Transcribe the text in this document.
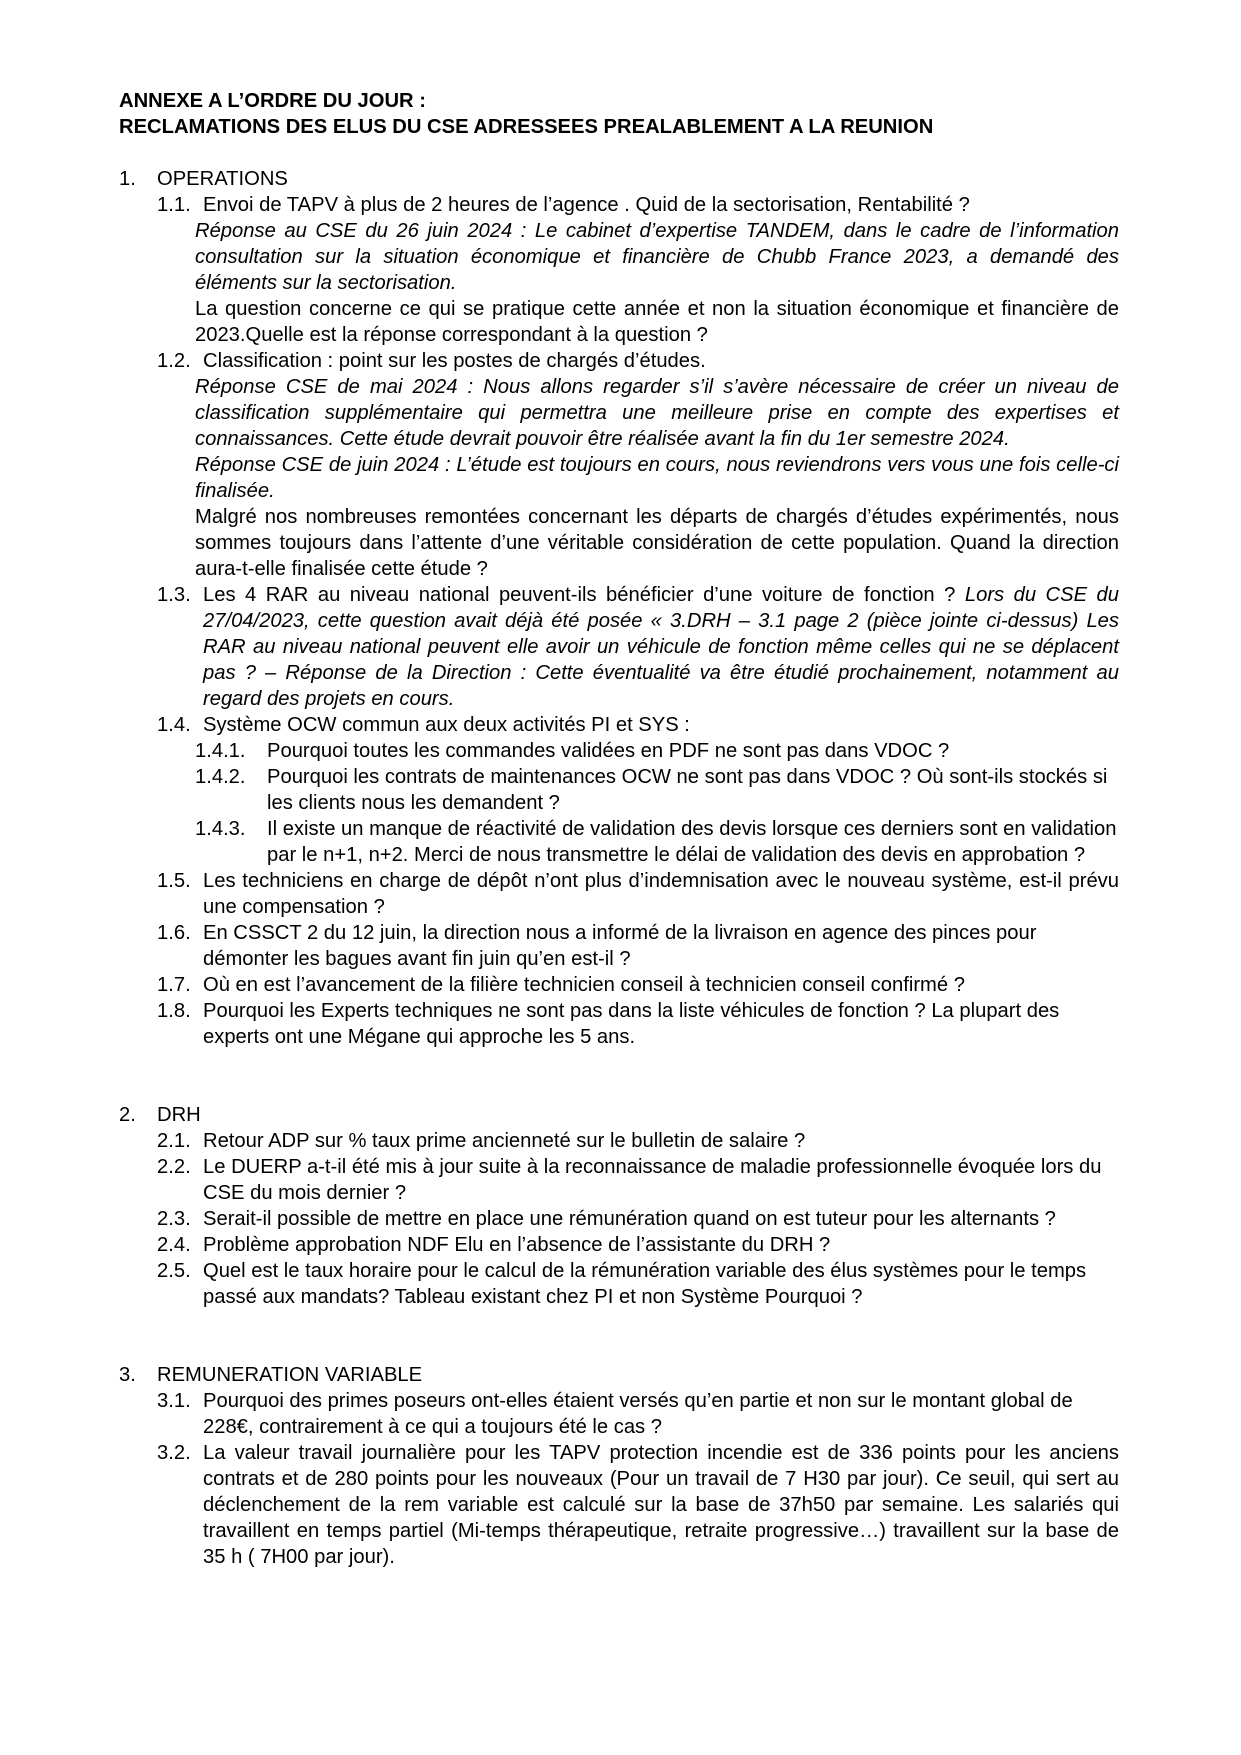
ANNEXE A L’ORDRE DU JOUR :
RECLAMATIONS DES ELUS DU CSE ADRESSEES PREALABLEMENT A LA REUNION
1. OPERATIONS
1.1. Envoi de TAPV à plus de 2 heures de l’agence . Quid de la sectorisation, Rentabilité ?
Réponse au CSE du 26 juin 2024 : Le cabinet d’expertise TANDEM, dans le cadre de l’information consultation sur la situation économique et financière de Chubb France 2023, a demandé des éléments sur la sectorisation.
La question concerne ce qui se pratique cette année et non la situation économique et financière de 2023.Quelle est la réponse correspondant à la question ?
1.2. Classification : point sur les postes de chargés d’études.
Réponse CSE de mai 2024 : Nous allons regarder s’il s’avère nécessaire de créer un niveau de classification supplémentaire qui permettra une meilleure prise en compte des expertises et connaissances. Cette étude devrait pouvoir être réalisée avant la fin du 1er semestre 2024.
Réponse CSE de juin 2024 : L’étude est toujours en cours, nous reviendrons vers vous une fois celle-ci finalisée.
Malgré nos nombreuses remontées concernant les départs de chargés d’études expérimentés, nous sommes toujours dans l’attente d’une véritable considération de cette population. Quand la direction aura-t-elle finalisée cette étude ?
1.3. Les 4 RAR au niveau national peuvent-ils bénéficier d’une voiture de fonction ? Lors du CSE du 27/04/2023, cette question avait déjà été posée « 3.DRH – 3.1 page 2 (pièce jointe ci-dessus) Les RAR au niveau national peuvent elle avoir un véhicule de fonction même celles qui ne se déplacent pas ? – Réponse de la Direction : Cette éventualité va être étudié prochainement, notamment au regard des projets en cours.
1.4. Système OCW commun aux deux activités PI et SYS :
1.4.1. Pourquoi toutes les commandes validées en PDF ne sont pas dans VDOC ?
1.4.2. Pourquoi les contrats de maintenances OCW ne sont pas dans VDOC ? Où sont-ils stockés si les clients nous les demandent ?
1.4.3. Il existe un manque de réactivité de validation des devis lorsque ces derniers sont en validation par le n+1, n+2. Merci de nous transmettre le délai de validation des devis en approbation ?
1.5. Les techniciens en charge de dépôt n’ont plus d’indemnisation avec le nouveau système, est-il prévu une compensation ?
1.6. En CSSCT 2 du 12 juin, la direction nous a informé de la livraison en agence des pinces pour démonter les bagues avant fin juin qu’en est-il ?
1.7. Où en est l’avancement de la filière technicien conseil à technicien conseil confirmé ?
1.8. Pourquoi les Experts techniques ne sont pas dans la liste véhicules de fonction ? La plupart des experts ont une Mégane qui approche les 5 ans.
2. DRH
2.1. Retour ADP sur % taux prime ancienneté sur le bulletin de salaire ?
2.2. Le DUERP a-t-il été mis à jour suite à la reconnaissance de maladie professionnelle évoquée lors du CSE du mois dernier ?
2.3. Serait-il possible de mettre en place une rémunération quand on est tuteur pour les alternants ?
2.4. Problème approbation NDF Elu en l’absence de l’assistante du DRH ?
2.5. Quel est le taux horaire pour le calcul de la rémunération variable des élus systèmes pour le temps passé aux mandats? Tableau existant chez PI et non Système Pourquoi ?
3. REMUNERATION VARIABLE
3.1. Pourquoi des primes poseurs ont-elles étaient versés qu’en partie et non sur le montant global de 228€, contrairement à ce qui a toujours été le cas ?
3.2. La valeur travail journalière pour les TAPV protection incendie est de 336 points pour les anciens contrats et de 280 points pour les nouveaux (Pour un travail de 7 H30 par jour). Ce seuil, qui sert au déclenchement de la rem variable est calculé sur la base de 37h50 par semaine. Les salariés qui travaillent en temps partiel (Mi-temps thérapeutique, retraite progressive…) travaillent sur la base de 35 h ( 7H00 par jour).
